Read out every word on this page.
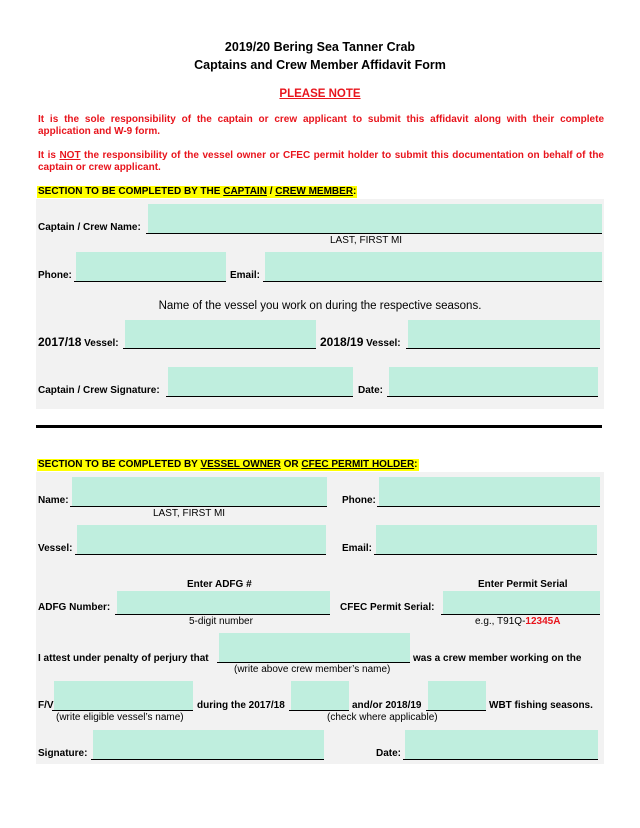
2019/20 Bering Sea Tanner Crab
Captains and Crew Member Affidavit Form
PLEASE NOTE
It is the sole responsibility of the captain or crew applicant to submit this affidavit along with their complete application and W-9 form.
It is NOT the responsibility of the vessel owner or CFEC permit holder to submit this documentation on behalf of the captain or crew applicant.
SECTION TO BE COMPLETED BY THE CAPTAIN / CREW MEMBER:
Captain / Crew Name:
LAST, FIRST MI
Phone:	Email:
Name of the vessel you work on during the respective seasons.
2017/18 Vessel:	2018/19 Vessel:
Captain / Crew Signature:	Date:
SECTION TO BE COMPLETED BY VESSEL OWNER OR CFEC PERMIT HOLDER:
Name:
LAST, FIRST MI
Phone:
Vessel:	Email:
Enter ADFG #	Enter Permit Serial
ADFG Number:
5-digit number
CFEC Permit Serial:
e.g., T91Q-12345A
I attest under penalty of perjury that
(write above crew member’s name)
was a crew member working on the
F/V
(write eligible vessel’s name)
during the 2017/18	and/or 2018/19
(check where applicable)
WBT fishing seasons.
Signature:	Date:
